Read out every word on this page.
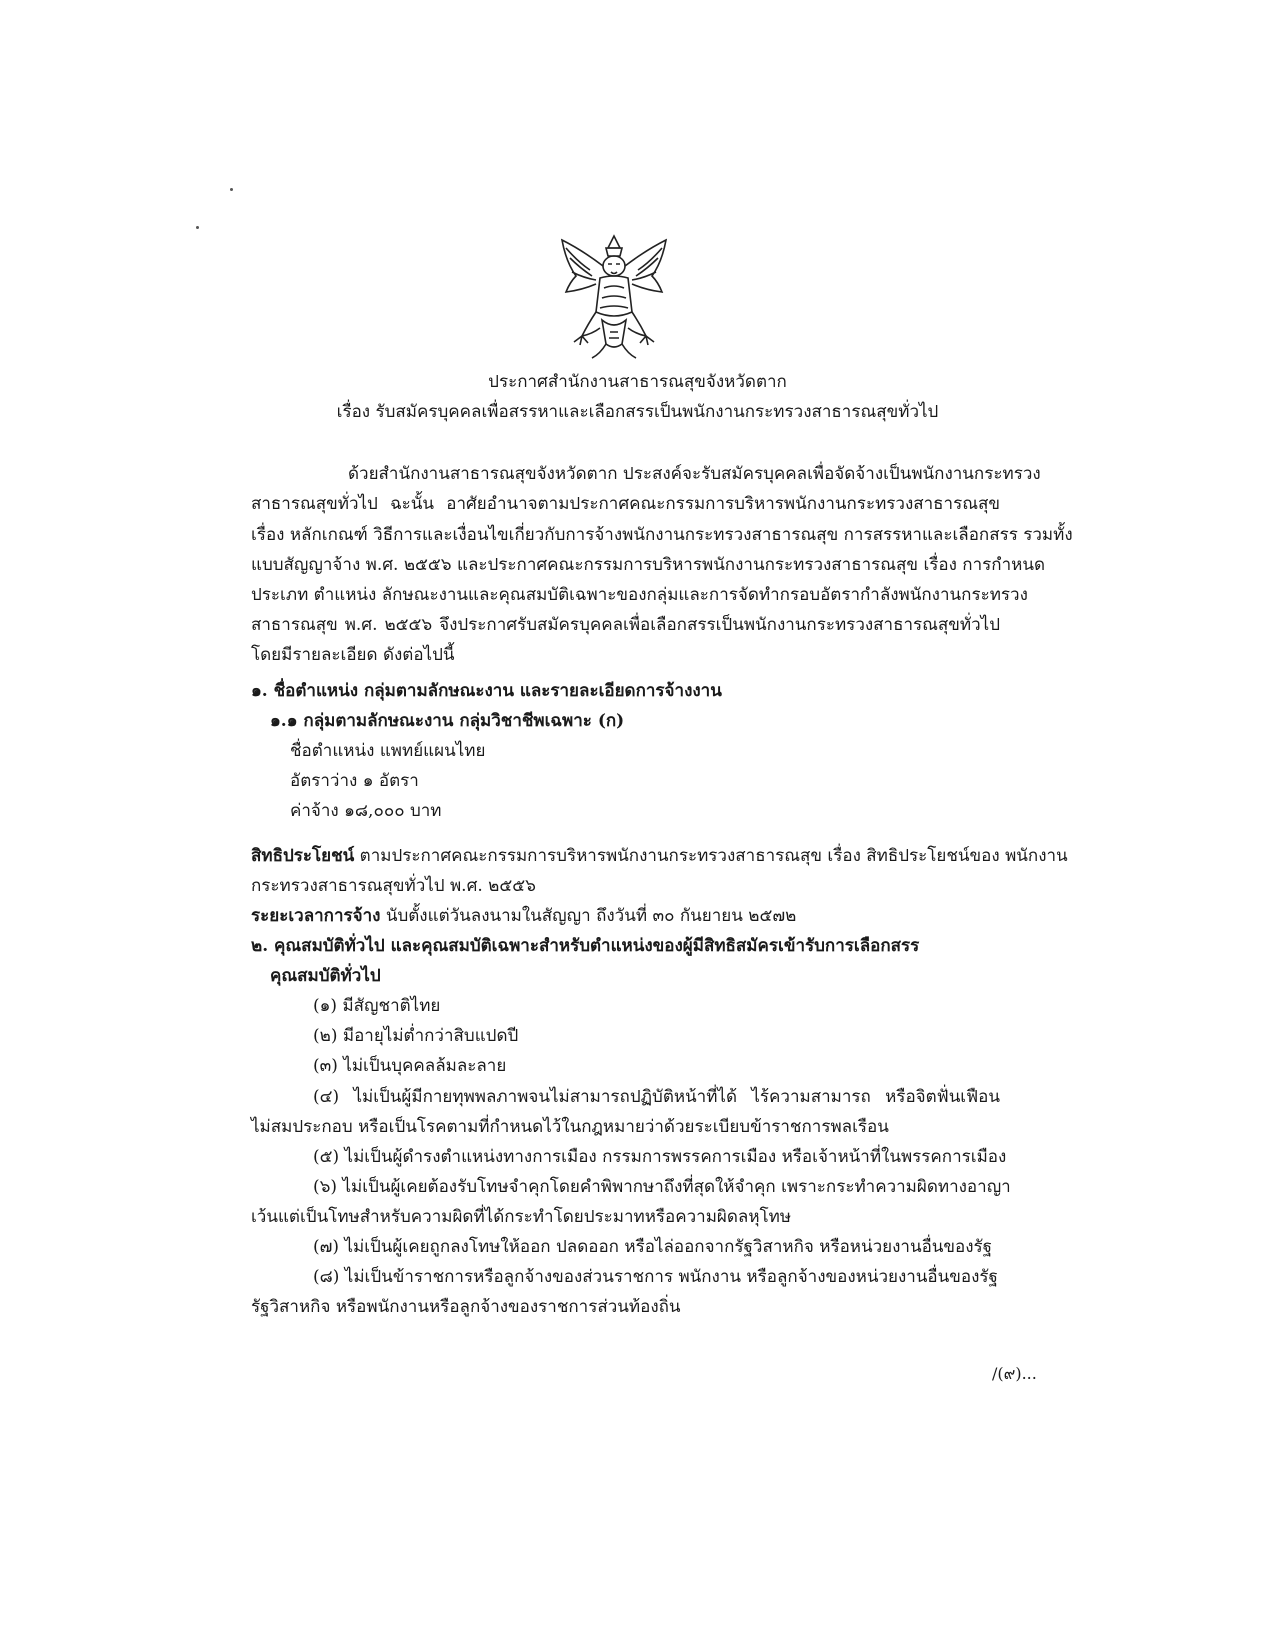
ประกาศสำนักงานสาธารณสุขจังหวัดตาก
เรื่อง รับสมัครบุคคลเพื่อสรรหาและเลือกสรรเป็นพนักงานกระทรวงสาธารณสุขทั่วไป
ด้วยสำนักงานสาธารณสุขจังหวัดตาก ประสงค์จะรับสมัครบุคคลเพื่อจัดจ้างเป็นพนักงานกระทรวง
สาธารณสุขทั่วไป ฉะนั้น อาศัยอำนาจตามประกาศคณะกรรมการบริหารพนักงานกระทรวงสาธารณสุข
เรื่อง หลักเกณฑ์ วิธีการและเงื่อนไขเกี่ยวกับการจ้างพนักงานกระทรวงสาธารณสุข การสรรหาและเลือกสรร รวมทั้ง
แบบสัญญาจ้าง พ.ศ. ๒๕๕๖ และประกาศคณะกรรมการบริหารพนักงานกระทรวงสาธารณสุข เรื่อง การกำหนด
ประเภท ตำแหน่ง ลักษณะงานและคุณสมบัติเฉพาะของกลุ่มและการจัดทำกรอบอัตรากำลังพนักงานกระทรวง
สาธารณสุข พ.ศ. ๒๕๕๖ จึงประกาศรับสมัครบุคคลเพื่อเลือกสรรเป็นพนักงานกระทรวงสาธารณสุขทั่วไป
โดยมีรายละเอียด ดังต่อไปนี้
๑. ชื่อตำแหน่ง กลุ่มตามลักษณะงาน และรายละเอียดการจ้างงาน
๑.๑ กลุ่มตามลักษณะงาน กลุ่มวิชาชีพเฉพาะ (ก)
ชื่อตำแหน่ง แพทย์แผนไทย
อัตราว่าง ๑ อัตรา
ค่าจ้าง ๑๘,๐๐๐ บาท
สิทธิประโยชน์ ตามประกาศคณะกรรมการบริหารพนักงานกระทรวงสาธารณสุข เรื่อง สิทธิประโยชน์ของ พนักงาน
กระทรวงสาธารณสุขทั่วไป พ.ศ. ๒๕๕๖
ระยะเวลาการจ้าง นับตั้งแต่วันลงนามในสัญญา ถึงวันที่ ๓๐ กันยายน ๒๕๗๒
๒. คุณสมบัติทั่วไป และคุณสมบัติเฉพาะสำหรับตำแหน่งของผู้มีสิทธิสมัครเข้ารับการเลือกสรร
คุณสมบัติทั่วไป
(๑) มีสัญชาติไทย
(๒) มีอายุไม่ต่ำกว่าสิบแปดปี
(๓) ไม่เป็นบุคคลล้มละลาย
(๔) ไม่เป็นผู้มีกายทุพพลภาพจนไม่สามารถปฏิบัติหน้าที่ได้ ไร้ความสามารถ หรือจิตฟั่นเฟือน
ไม่สมประกอบ หรือเป็นโรคตามที่กำหนดไว้ในกฎหมายว่าด้วยระเบียบข้าราชการพลเรือน
(๕) ไม่เป็นผู้ดำรงตำแหน่งทางการเมือง กรรมการพรรคการเมือง หรือเจ้าหน้าที่ในพรรคการเมือง
(๖) ไม่เป็นผู้เคยต้องรับโทษจำคุกโดยคำพิพากษาถึงที่สุดให้จำคุก เพราะกระทำความผิดทางอาญา
เว้นแต่เป็นโทษสำหรับความผิดที่ได้กระทำโดยประมาทหรือความผิดลหุโทษ
(๗) ไม่เป็นผู้เคยถูกลงโทษให้ออก ปลดออก หรือไล่ออกจากรัฐวิสาหกิจ หรือหน่วยงานอื่นของรัฐ
(๘) ไม่เป็นข้าราชการหรือลูกจ้างของส่วนราชการ พนักงาน หรือลูกจ้างของหน่วยงานอื่นของรัฐ
รัฐวิสาหกิจ หรือพนักงานหรือลูกจ้างของราชการส่วนท้องถิ่น
/(๙)...
